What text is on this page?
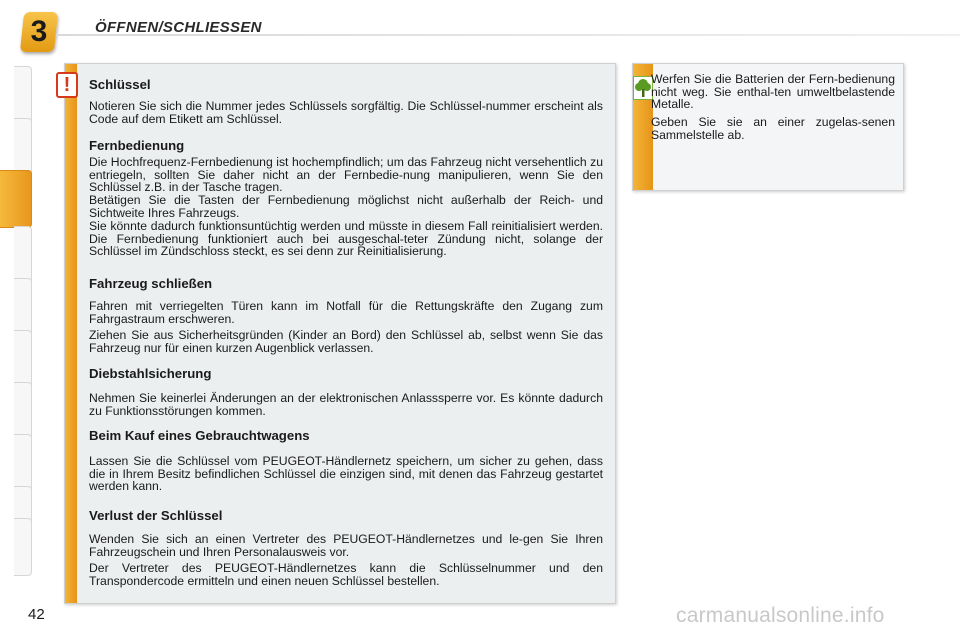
3	ÖFFNEN/SCHLIESSEN
Schlüssel
Notieren Sie sich die Nummer jedes Schlüssels sorgfältig. Die Schlüssel-nummer erscheint als Code auf dem Etikett am Schlüssel.
Fernbedienung
Die Hochfrequenz-Fernbedienung ist hochempfindlich; um das Fahrzeug nicht versehentlich zu entriegeln, sollten Sie daher nicht an der Fernbedie-nung manipulieren, wenn Sie den Schlüssel z.B. in der Tasche tragen.
Betätigen Sie die Tasten der Fernbedienung möglichst nicht außerhalb der Reich- und Sichtweite Ihres Fahrzeugs.
Sie könnte dadurch funktionsuntüchtig werden und müsste in diesem Fall reinitialisiert werden. Die Fernbedienung funktioniert auch bei ausgeschal-teter Zündung nicht, solange der Schlüssel im Zündschloss steckt, es sei denn zur Reinitialisierung.
Fahrzeug schließen
Fahren mit verriegelten Türen kann im Notfall für die Rettungskräfte den Zugang zum Fahrgastraum erschweren.
Ziehen Sie aus Sicherheitsgründen (Kinder an Bord) den Schlüssel ab, selbst wenn Sie das Fahrzeug nur für einen kurzen Augenblick verlassen.
Diebstahlsicherung
Nehmen Sie keinerlei Änderungen an der elektronischen Anlasssperre vor. Es könnte dadurch zu Funktionsstörungen kommen.
Beim Kauf eines Gebrauchtwagens
Lassen Sie die Schlüssel vom PEUGEOT-Händlernetz speichern, um sicher zu gehen, dass die in Ihrem Besitz befindlichen Schlüssel die einzigen sind, mit denen das Fahrzeug gestartet werden kann.
Verlust der Schlüssel
Wenden Sie sich an einen Vertreter des PEUGEOT-Händlernetzes und le-gen Sie Ihren Fahrzeugschein und Ihren Personalausweis vor.
Der Vertreter des PEUGEOT-Händlernetzes kann die Schlüsselnummer und den Transpondercode ermitteln und einen neuen Schlüssel bestellen.
!	Werfen Sie die Batterien der Fern-bedienung nicht weg. Sie enthal-ten umweltbelastende Metalle.
Geben Sie sie an einer zugelas-senen Sammelstelle ab.
42	carmanualsonline.info
